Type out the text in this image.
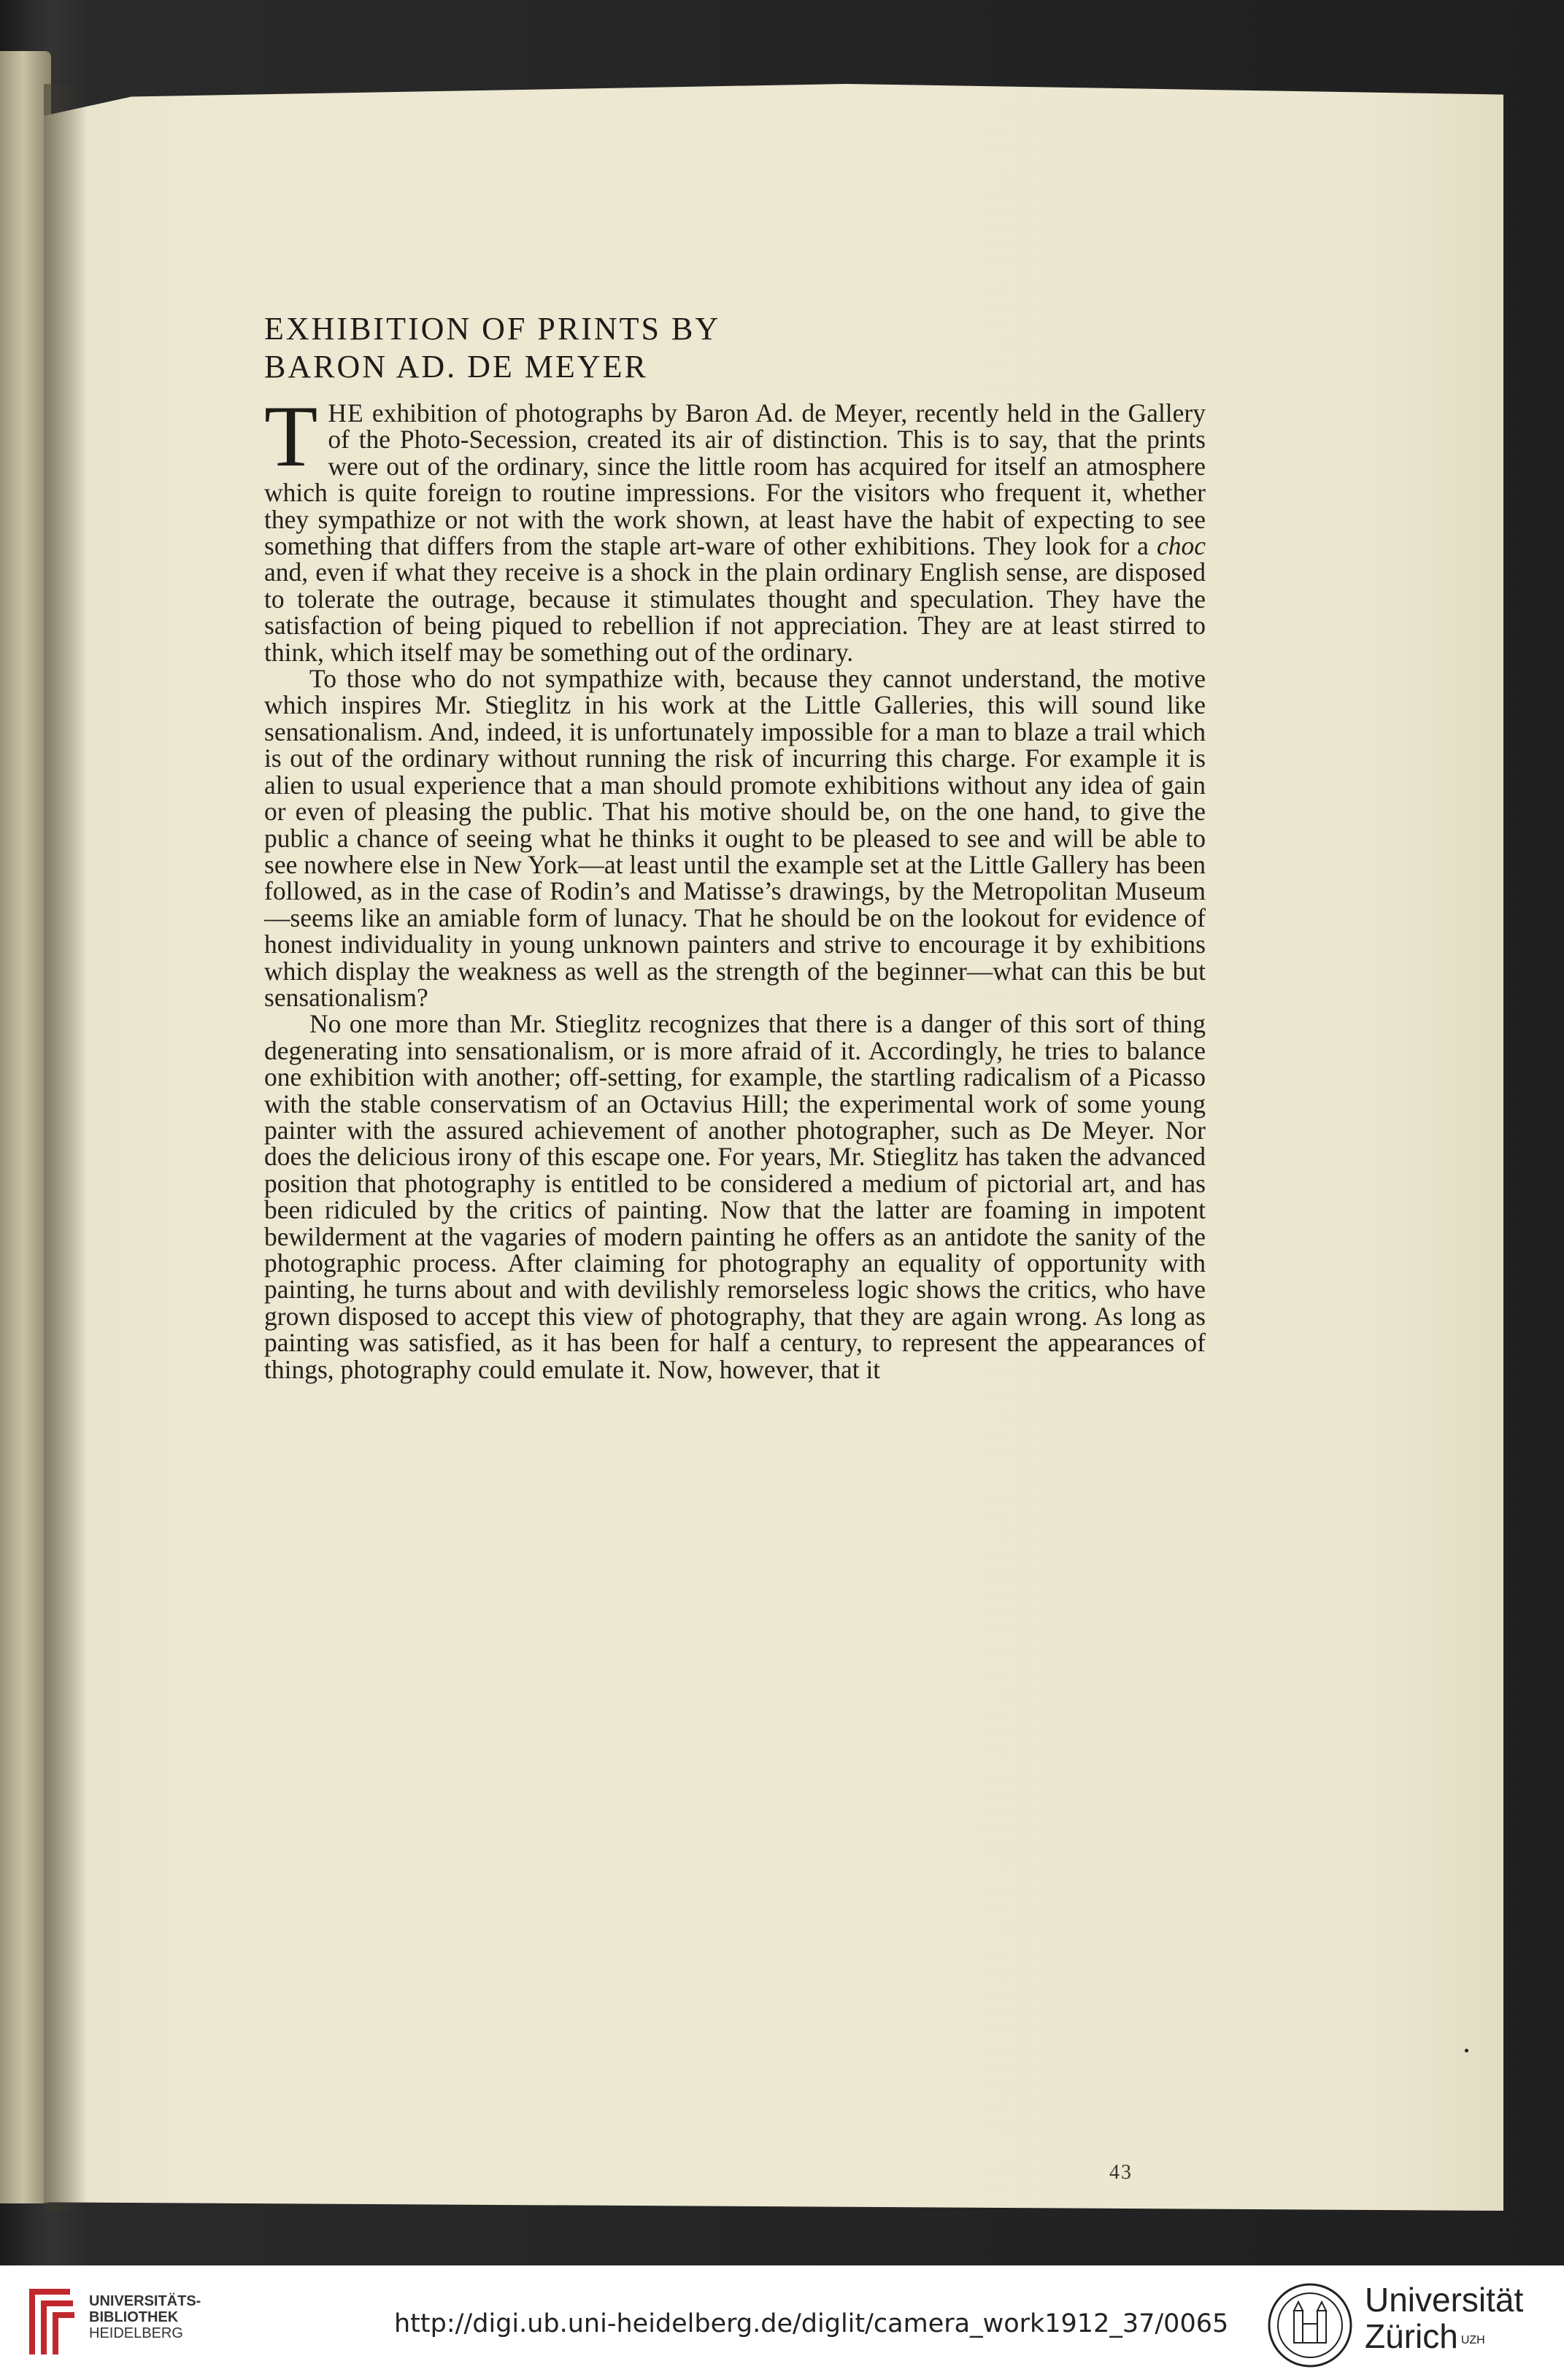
EXHIBITION OF PRINTS BY
BARON AD. DE MEYER

THE exhibition of photographs by Baron Ad. de Meyer, recently held in the Gallery of the Photo-Secession, created its air of distinction. This is to say, that the prints were out of the ordinary, since the little room has acquired for itself an atmosphere which is quite foreign to routine impressions. For the visitors who frequent it, whether they sympathize or not with the work shown, at least have the habit of expecting to see something that differs from the staple art-ware of other exhibitions. They look for a choc and, even if what they receive is a shock in the plain ordinary English sense, are disposed to tolerate the outrage, because it stimulates thought and speculation. They have the satisfaction of being piqued to rebellion if not appreciation. They are at least stirred to think, which itself may be something out of the ordinary.

To those who do not sympathize with, because they cannot understand, the motive which inspires Mr. Stieglitz in his work at the Little Galleries, this will sound like sensationalism. And, indeed, it is unfortunately impossible for a man to blaze a trail which is out of the ordinary without running the risk of incurring this charge. For example it is alien to usual experience that a man should promote exhibitions without any idea of gain or even of pleasing the public. That his motive should be, on the one hand, to give the public a chance of seeing what he thinks it ought to be pleased to see and will be able to see nowhere else in New York—at least until the example set at the Little Gallery has been followed, as in the case of Rodin’s and Matisse’s drawings, by the Metropolitan Museum—seems like an amiable form of lunacy. That he should be on the lookout for evidence of honest individuality in young unknown painters and strive to encourage it by exhibitions which display the weakness as well as the strength of the beginner—what can this be but sensationalism?

No one more than Mr. Stieglitz recognizes that there is a danger of this sort of thing degenerating into sensationalism, or is more afraid of it. Accordingly, he tries to balance one exhibition with another; off-setting, for example, the startling radicalism of a Picasso with the stable conservatism of an Octavius Hill; the experimental work of some young painter with the assured achievement of another photographer, such as De Meyer. Nor does the delicious irony of this escape one. For years, Mr. Stieglitz has taken the advanced position that photography is entitled to be considered a medium of pictorial art, and has been ridiculed by the critics of painting. Now that the latter are foaming in impotent bewilderment at the vagaries of modern painting he offers as an antidote the sanity of the photographic process. After claiming for photography an equality of opportunity with painting, he turns about and with devilishly remorseless logic shows the critics, who have grown disposed to accept this view of photography, that they are again wrong. As long as painting was satisfied, as it has been for half a century, to represent the appearances of things, photography could emulate it. Now, however, that it

43
UNIVERSITÄTS-
BIBLIOTHEK
HEIDELBERG	http://digi.ub.uni-heidelberg.de/diglit/camera_work1912_37/0065
Universität
Zürich $^{UZH}$
